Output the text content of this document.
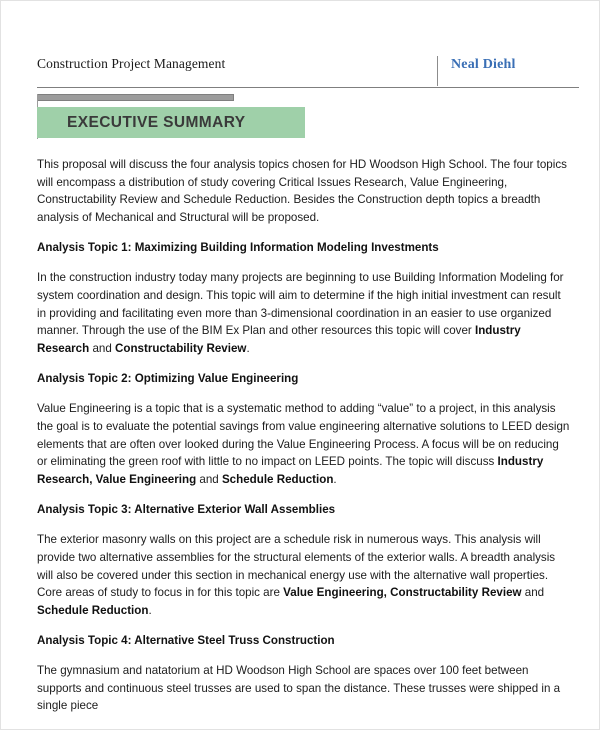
Construction Project Management	Neal Diehl
EXECUTIVE SUMMARY

This proposal will discuss the four analysis topics chosen for HD Woodson High School. The four topics will encompass a distribution of study covering Critical Issues Research, Value Engineering, Constructability Review and Schedule Reduction. Besides the Construction depth topics a breadth analysis of Mechanical and Structural will be proposed.

Analysis Topic 1: Maximizing Building Information Modeling Investments

In the construction industry today many projects are beginning to use Building Information Modeling for system coordination and design. This topic will aim to determine if the high initial investment can result in providing and facilitating even more than 3-dimensional coordination in an easier to use organized manner. Through the use of the BIM Ex Plan and other resources this topic will cover Industry Research and Constructability Review.

Analysis Topic 2: Optimizing Value Engineering

Value Engineering is a topic that is a systematic method to adding “value” to a project, in this analysis the goal is to evaluate the potential savings from value engineering alternative solutions to LEED design elements that are often over looked during the Value Engineering Process. A focus will be on reducing or eliminating the green roof with little to no impact on LEED points. The topic will discuss Industry Research, Value Engineering and Schedule Reduction.

Analysis Topic 3: Alternative Exterior Wall Assemblies

The exterior masonry walls on this project are a schedule risk in numerous ways. This analysis will provide two alternative assemblies for the structural elements of the exterior walls. A breadth analysis will also be covered under this section in mechanical energy use with the alternative wall properties. Core areas of study to focus in for this topic are Value Engineering, Constructability Review and Schedule Reduction.

Analysis Topic 4: Alternative Steel Truss Construction

The gymnasium and natatorium at HD Woodson High School are spaces over 100 feet between supports and continuous steel trusses are used to span the distance. These trusses were shipped in a single piece
